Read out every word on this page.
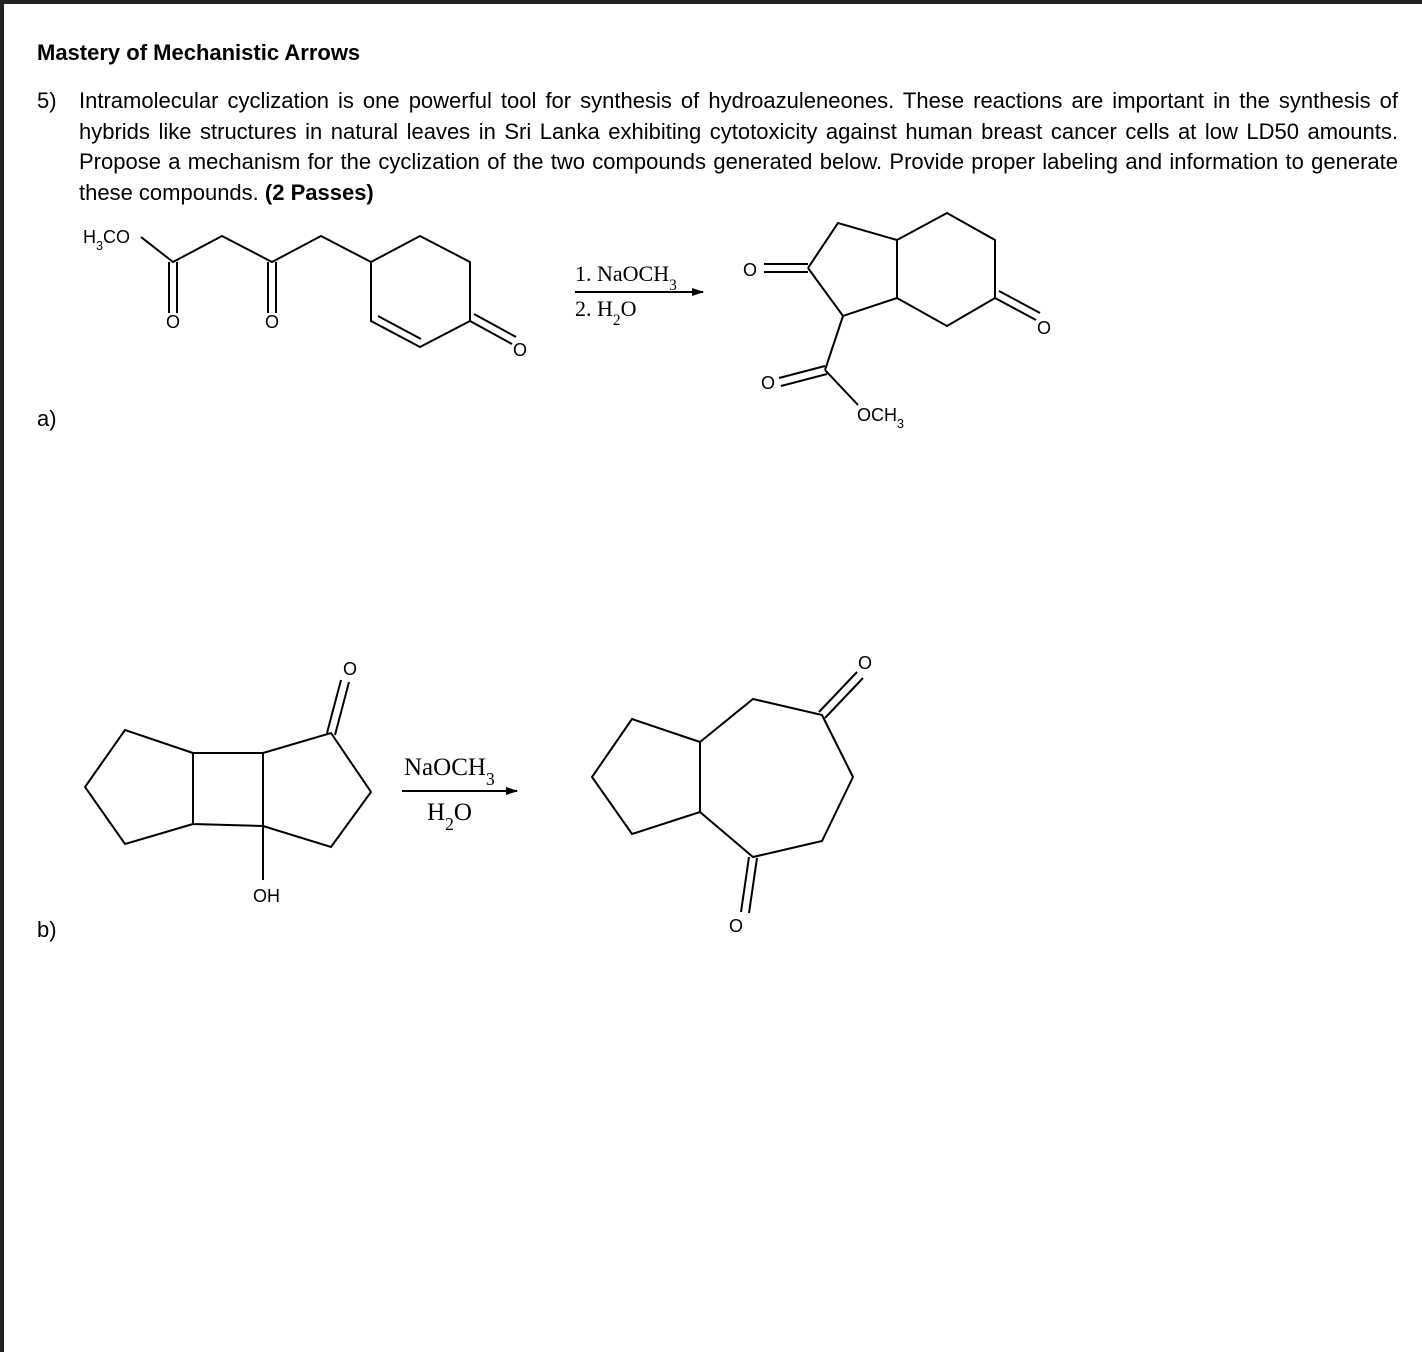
Mastery of Mechanistic Arrows
5) Intramolecular cyclization is one powerful tool for synthesis of hydroazuleneones. These reactions are important in the synthesis of hybrids like structures in natural leaves in Sri Lanka exhibiting cytotoxicity against human breast cancer cells at low LD50 amounts. Propose a mechanism for the cyclization of the two compounds generated below. Provide proper labeling and information to generate these compounds. (2 Passes)
a)
b)
$H_3CO$
O	O
O
1. NaOCH$_3$
2. $H_2O$
O
O
O
$OCH_3$
O
OH
NaOCH$_3$
$H_2O$
O
O
